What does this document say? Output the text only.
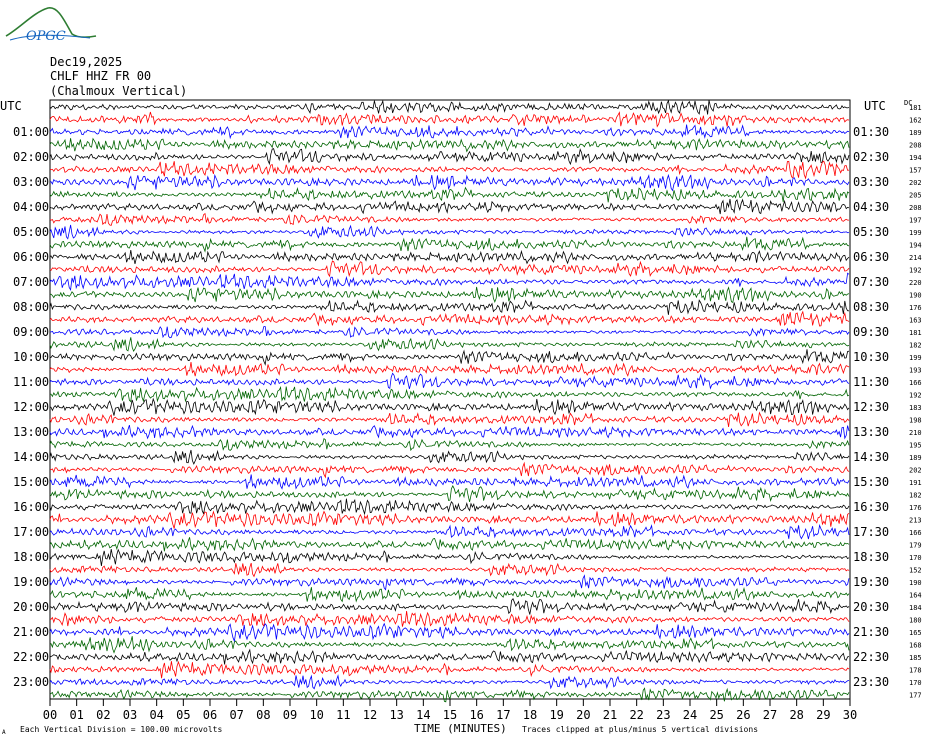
OPGC
Dec19,2025
CHLF HHZ FR 00
(Chalmoux Vertical)
UTC	UTC	DC
01:00
02:00
03:00
04:00
05:00
06:00
07:00
08:00
09:00
10:00
11:00
12:00
13:00
14:00
15:00
16:00
17:00
18:00
19:00
20:00
21:00
22:00
23:00
01:30
02:30
03:30
04:30
05:30
06:30
07:30
08:30
09:30
10:30
11:30
12:30
13:30
14:30
15:30
16:30
17:30
18:30
19:30
20:30
21:30
22:30
23:30
181
162
189
208
194
157
202
205
208
197
199
194
214
192
220
190
176
163
181
182
199
193
166
192
183
198
210
195
189
202
191
182
176
213
166
179
170
152
190
164
184
180
165
168
185
178
170
177
00 01 02 03 04 05 06 07 08 09 10 11 12 13 14 15 16 17 18 19 20 21 22 23 24 25 26 27 28 29 30
TIME (MINUTES)
A Each Vertical Division = 100.00 microvolts	Traces clipped at plus/minus 5 vertical divisions
